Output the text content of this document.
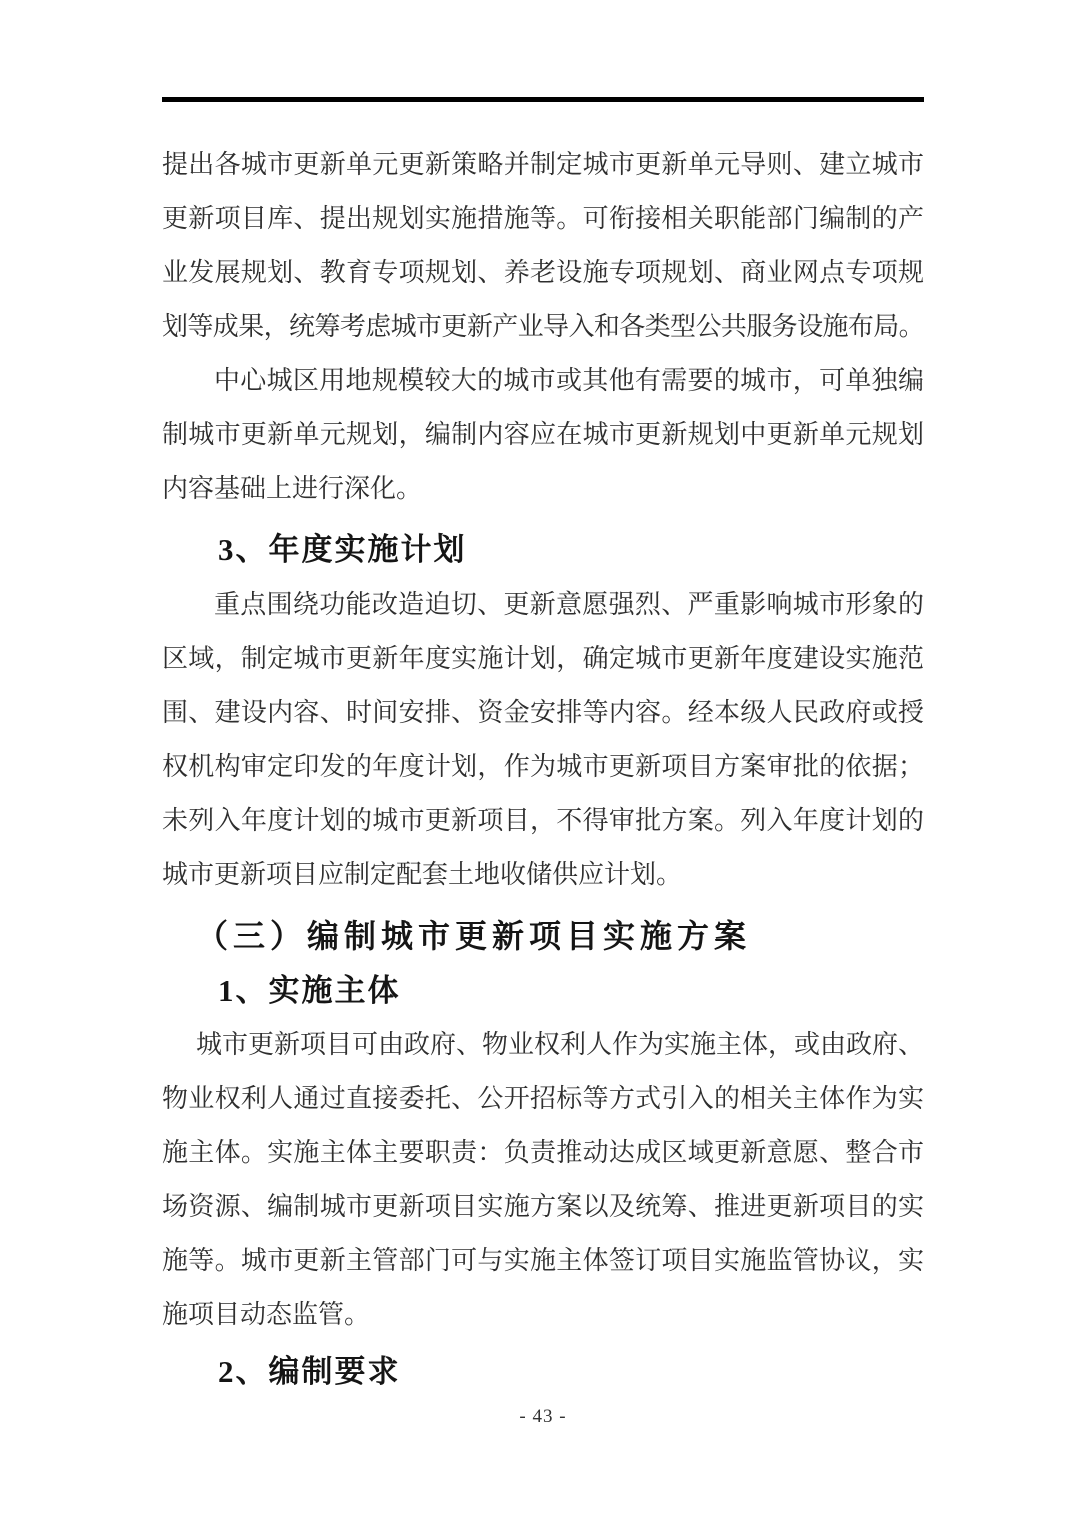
提出各城市更新单元更新策略并制定城市更新单元导则、建立城市
更新项目库、提出规划实施措施等。可衔接相关职能部门编制的产
业发展规划、教育专项规划、养老设施专项规划、商业网点专项规
划等成果，统筹考虑城市更新产业导入和各类型公共服务设施布局。
中心城区用地规模较大的城市或其他有需要的城市，可单独编
制城市更新单元规划，编制内容应在城市更新规划中更新单元规划
内容基础上进行深化。
3、年度实施计划
重点围绕功能改造迫切、更新意愿强烈、严重影响城市形象的
区域，制定城市更新年度实施计划，确定城市更新年度建设实施范
围、建设内容、时间安排、资金安排等内容。经本级人民政府或授
权机构审定印发的年度计划，作为城市更新项目方案审批的依据；
未列入年度计划的城市更新项目，不得审批方案。列入年度计划的
城市更新项目应制定配套土地收储供应计划。
（三）编制城市更新项目实施方案
1、实施主体
城市更新项目可由政府、物业权利人作为实施主体，或由政府、
物业权利人通过直接委托、公开招标等方式引入的相关主体作为实
施主体。实施主体主要职责：负责推动达成区域更新意愿、整合市
场资源、编制城市更新项目实施方案以及统筹、推进更新项目的实
施等。城市更新主管部门可与实施主体签订项目实施监管协议，实
施项目动态监管。
2、编制要求
- 43 -
